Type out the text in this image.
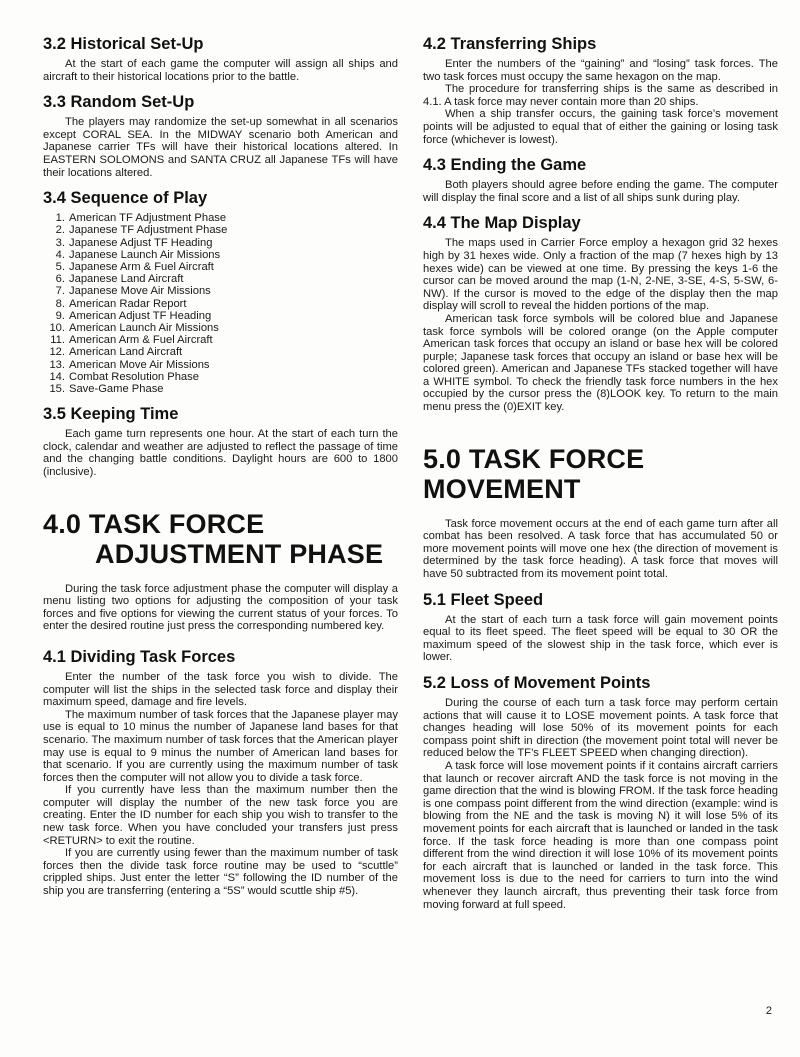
3.2 Historical Set-Up

At the start of each game the computer will assign all ships and aircraft to their historical locations prior to the battle.

3.3 Random Set-Up

The players may randomize the set-up somewhat in all scenarios except CORAL SEA. In the MIDWAY scenario both American and Japanese carrier TFs will have their historical locations altered. In EASTERN SOLOMONS and SANTA CRUZ all Japanese TFs will have their locations altered.

3.4 Sequence of Play
1. American TF Adjustment Phase
2. Japanese TF Adjustment Phase
3. Japanese Adjust TF Heading
4. Japanese Launch Air Missions
5. Japanese Arm & Fuel Aircraft
6. Japanese Land Aircraft
7. Japanese Move Air Missions
8. American Radar Report
9. American Adjust TF Heading
10. American Launch Air Missions
11. American Arm & Fuel Aircraft
12. American Land Aircraft
13. American Move Air Missions
14. Combat Resolution Phase
15. Save-Game Phase
3.5 Keeping Time

Each game turn represents one hour. At the start of each turn the clock, calendar and weather are adjusted to reflect the passage of time and the changing battle conditions. Daylight hours are 600 to 1800 (inclusive).

4.0 TASK FORCE
ADJUSTMENT PHASE

During the task force adjustment phase the computer will display a menu listing two options for adjusting the composition of your task forces and five options for viewing the current status of your forces. To enter the desired routine just press the corresponding numbered key.

4.1 Dividing Task Forces

Enter the number of the task force you wish to divide. The computer will list the ships in the selected task force and display their maximum speed, damage and fire levels.

The maximum number of task forces that the Japanese player may use is equal to 10 minus the number of Japanese land bases for that scenario. The maximum number of task forces that the American player may use is equal to 9 minus the number of American land bases for that scenario. If you are currently using the maximum number of task forces then the computer will not allow you to divide a task force.

If you currently have less than the maximum number then the computer will display the number of the new task force you are creating. Enter the ID number for each ship you wish to transfer to the new task force. When you have concluded your transfers just press <RETURN> to exit the routine.

If you are currently using fewer than the maximum number of task forces then the divide task force routine may be used to “scuttle” crippled ships. Just enter the letter “S” following the ID number of the ship you are transferring (entering a “5S” would scuttle ship #5).

4.2 Transferring Ships

Enter the numbers of the “gaining” and “losing” task forces. The two task forces must occupy the same hexagon on the map.

The procedure for transferring ships is the same as described in 4.1. A task force may never contain more than 20 ships.

When a ship transfer occurs, the gaining task force’s movement points will be adjusted to equal that of either the gaining or losing task force (whichever is lowest).

4.3 Ending the Game

Both players should agree before ending the game. The computer will display the final score and a list of all ships sunk during play.

4.4 The Map Display

The maps used in Carrier Force employ a hexagon grid 32 hexes high by 31 hexes wide. Only a fraction of the map (7 hexes high by 13 hexes wide) can be viewed at one time. By pressing the keys 1-6 the cursor can be moved around the map (1-N, 2-NE, 3-SE, 4-S, 5-SW, 6-NW). If the cursor is moved to the edge of the display then the map display will scroll to reveal the hidden portions of the map.

American task force symbols will be colored blue and Japanese task force symbols will be colored orange (on the Apple computer American task forces that occupy an island or base hex will be colored purple; Japanese task forces that occupy an island or base hex will be colored green). American and Japanese TFs stacked together will have a WHITE symbol. To check the friendly task force numbers in the hex occupied by the cursor press the (8)LOOK key. To return to the main menu press the (0)EXIT key.

5.0 TASK FORCE MOVEMENT

Task force movement occurs at the end of each game turn after all combat has been resolved. A task force that has accumulated 50 or more movement points will move one hex (the direction of movement is determined by the task force heading). A task force that moves will have 50 subtracted from its movement point total.

5.1 Fleet Speed

At the start of each turn a task force will gain movement points equal to its fleet speed. The fleet speed will be equal to 30 OR the maximum speed of the slowest ship in the task force, which ever is lower.

5.2 Loss of Movement Points

During the course of each turn a task force may perform certain actions that will cause it to LOSE movement points. A task force that changes heading will lose 50% of its movement points for each compass point shift in direction (the movement point total will never be reduced below the TF’s FLEET SPEED when changing direction).

A task force will lose movement points if it contains aircraft carriers that launch or recover aircraft AND the task force is not moving in the game direction that the wind is blowing FROM. If the task force heading is one compass point different from the wind direction (example: wind is blowing from the NE and the task is moving N) it will lose 5% of its movement points for each aircraft that is launched or landed in the task force. If the task force heading is more than one compass point different from the wind direction it will lose 10% of its movement points for each aircraft that is launched or landed in the task force. This movement loss is due to the need for carriers to turn into the wind whenever they launch aircraft, thus preventing their task force from moving forward at full speed.

2
